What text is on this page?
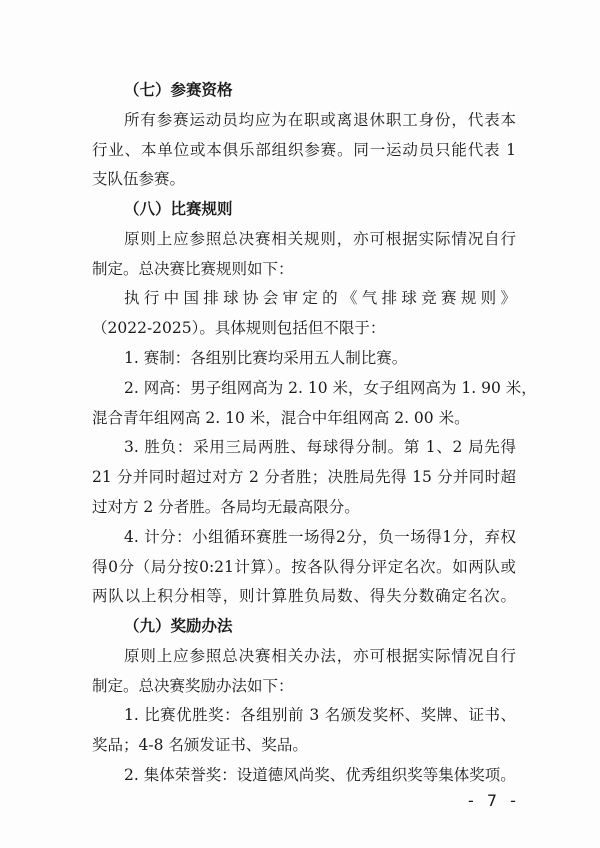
（七）参赛资格
所有参赛运动员均应为在职或离退休职工身份，代表本
行业、本单位或本俱乐部组织参赛。同一运动员只能代表 1
支队伍参赛。
（八）比赛规则
原则上应参照总决赛相关规则，亦可根据实际情况自行
制定。总决赛比赛规则如下：
执行中国排球协会审定的《气排球竞赛规则》
（2022-2025）。具体规则包括但不限于：
1. 赛制：各组别比赛均采用五人制比赛。
2. 网高：男子组网高为 2. 10 米，女子组网高为 1. 90 米，
混合青年组网高 2. 10 米，混合中年组网高 2. 00 米。
3. 胜负：采用三局两胜、每球得分制。第 1、2 局先得
21 分并同时超过对方 2 分者胜；决胜局先得 15 分并同时超
过对方 2 分者胜。各局均无最高限分。
4. 计分：小组循环赛胜一场得2分，负一场得1分，弃权
得0分（局分按0:21计算）。按各队得分评定名次。如两队或
两队以上积分相等，则计算胜负局数、得失分数确定名次。
（九）奖励办法
原则上应参照总决赛相关办法，亦可根据实际情况自行
制定。总决赛奖励办法如下：
1. 比赛优胜奖：各组别前 3 名颁发奖杯、奖牌、证书、
奖品；4-8 名颁发证书、奖品。
2. 集体荣誉奖：设道德风尚奖、优秀组织奖等集体奖项。
- 7 -
